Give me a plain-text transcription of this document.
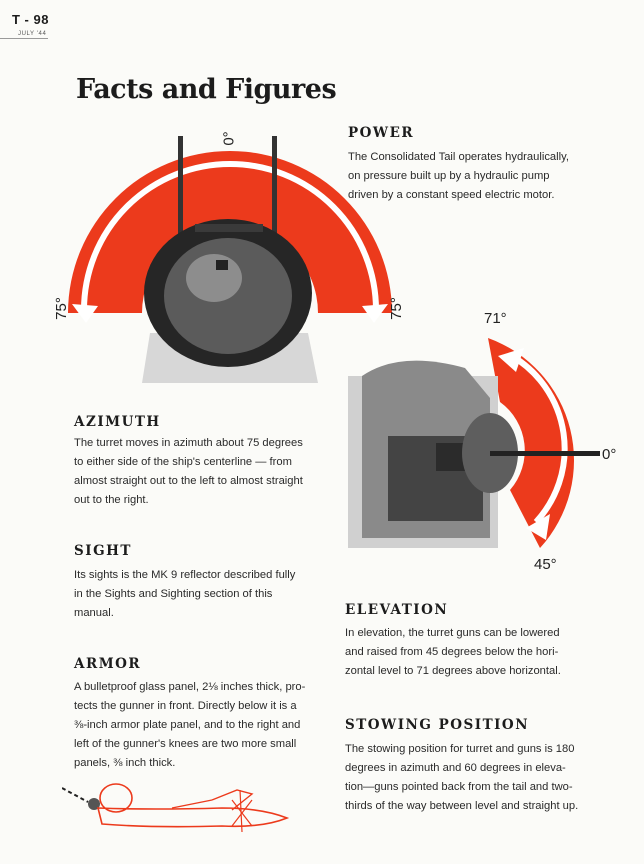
T - 98
JULY '44
Facts and Figures
0°
75°	75°
POWER
The Consolidated Tail operates hydraulically,
on pressure built up by a hydraulic pump
driven by a constant speed electric motor.
71°
0°
45°
AZIMUTH
The turret moves in azimuth about 75 degrees
to either side of the ship's centerline — from
almost straight out to the left to almost straight
out to the right.
SIGHT
Its sights is the MK 9 reflector described fully
in the Sights and Sighting section of this
manual.
ARMOR
A bulletproof glass panel, 2⅛ inches thick, pro-
tects the gunner in front. Directly below it is a
⅜-inch armor plate panel, and to the right and
left of the gunner's knees are two more small
panels, ⅜ inch thick.
ELEVATION
In elevation, the turret guns can be lowered
and raised from 45 degrees below the hori-
zontal level to 71 degrees above horizontal.
STOWING POSITION
The stowing position for turret and guns is 180
degrees in azimuth and 60 degrees in eleva-
tion—guns pointed back from the tail and two-
thirds of the way between level and straight up.
